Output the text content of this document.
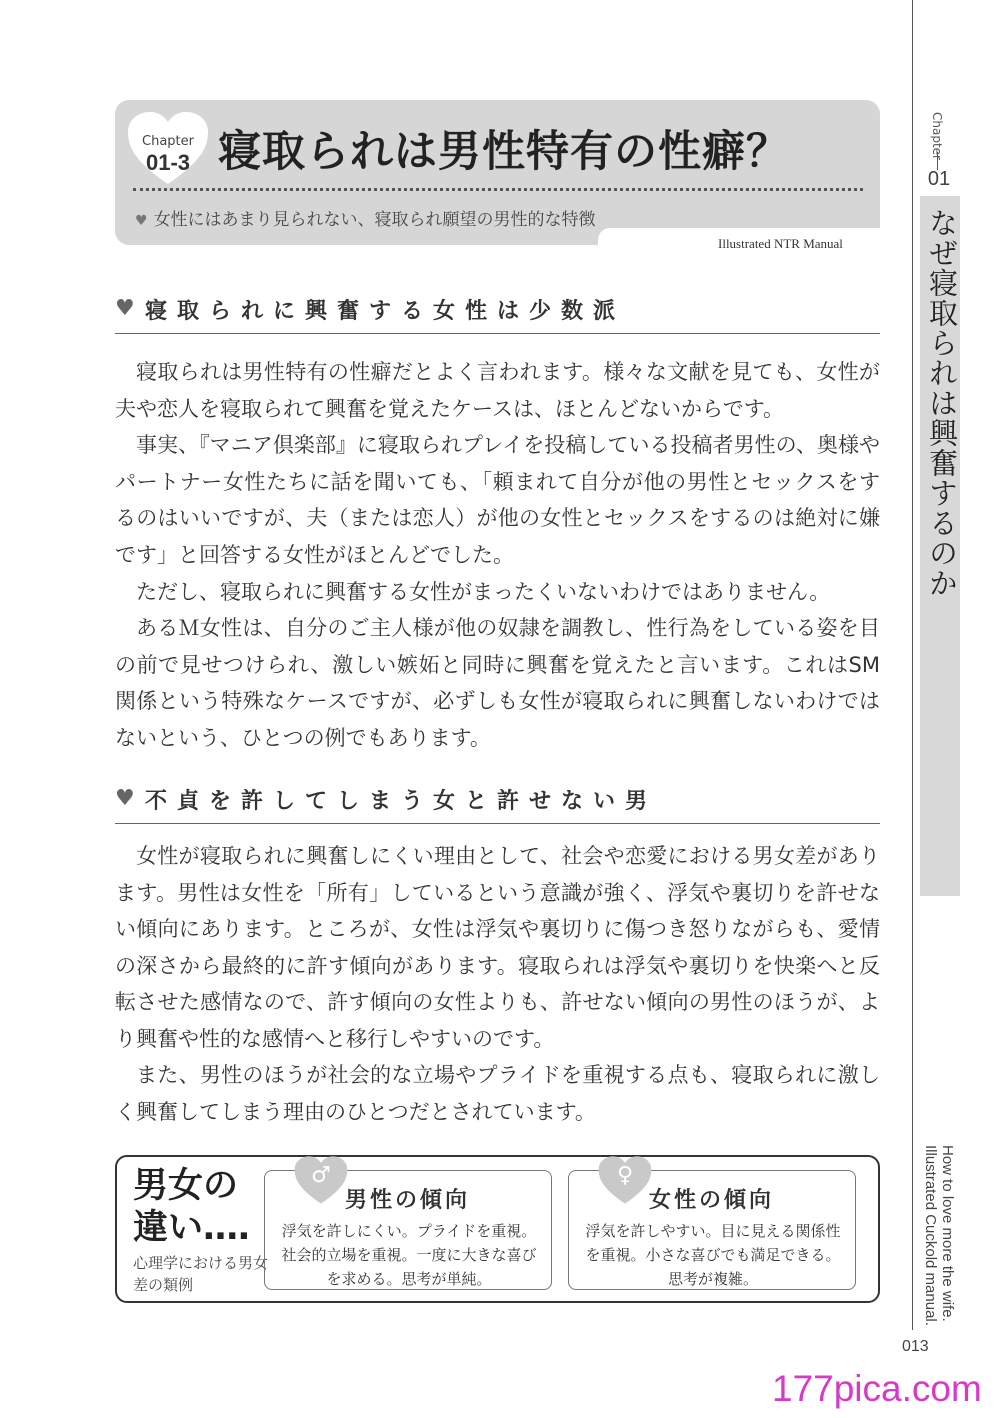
Chapter
01-3 寝取られは男性特有の性癖？
♥ 女性にはあまり見られない、寝取られ願望の男性的な特徴
Illustrated NTR Manual
♥ 寝取られに興奮する女性は少数派

寝取られは男性特有の性癖だとよく言われます。様々な文献を見ても、女性が夫や恋人を寝取られて興奮を覚えたケースは、ほとんどないからです。

事実、『マニア倶楽部』に寝取られプレイを投稿している投稿者男性の、奥様やパートナー女性たちに話を聞いても、「頼まれて自分が他の男性とセックスをするのはいいですが、夫（または恋人）が他の女性とセックスをするのは絶対に嫌です」と回答する女性がほとんどでした。

ただし、寝取られに興奮する女性がまったくいないわけではありません。

あるＭ女性は、自分のご主人様が他の奴隷を調教し、性行為をしている姿を目の前で見せつけられ、激しい嫉妬と同時に興奮を覚えたと言います。これはSM関係という特殊なケースですが、必ずしも女性が寝取られに興奮しないわけではないという、ひとつの例でもあります。

♥ 不貞を許してしまう女と許せない男

女性が寝取られに興奮しにくい理由として、社会や恋愛における男女差があります。男性は女性を「所有」しているという意識が強く、浮気や裏切りを許せない傾向にあります。ところが、女性は浮気や裏切りに傷つき怒りながらも、愛情の深さから最終的に許す傾向があります。寝取られは浮気や裏切りを快楽へと反転させた感情なので、許す傾向の女性よりも、許せない傾向の男性のほうが、より興奮や性的な感情へと移行しやすいのです。

また、男性のほうが社会的な立場やプライドを重視する点も、寝取られに激しく興奮してしまう理由のひとつだとされています。

男女の
違い‥‥
心理学における男女差の類例
♂
男性の傾向
浮気を許しにくい。プライドを重視。社会的立場を重視。一度に大きな喜びを求める。思考が単純。
♀
女性の傾向
浮気を許しやすい。目に見える関係性を重視。小さな喜びでも満足できる。思考が複雑。
Chapter
01
なぜ寝取られは興奮するのか
How to love more the wife.
Illustrated Cuckold manual.
013
177pica.com
